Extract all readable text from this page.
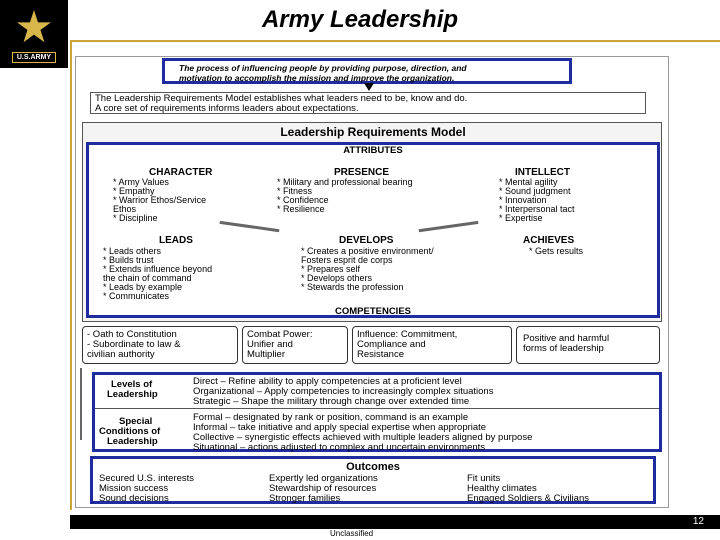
★
U.S.ARMY
Army Leadership
The process of influencing people by providing purpose, direction, and
motivation to accomplish the mission and improve the organization.
The Leadership Requirements Model establishes what leaders need to be, know and do.
A core set of requirements informs leaders about expectations.
Leadership Requirements Model
ATTRIBUTES
CHARACTER
* Army Values
* Empathy
* Warrior Ethos/Service
Ethos
* Discipline
PRESENCE
* Military and professional bearing
* Fitness
* Confidence
* Resilience
INTELLECT
* Mental agility
* Sound judgment
* Innovation
* Interpersonal tact
* Expertise
LEADS
* Leads others
* Builds trust
* Extends influence beyond
the chain of command
* Leads by example
* Communicates
DEVELOPS
* Creates a positive environment/
Fosters esprit de corps
* Prepares self
* Develops others
* Stewards the profession
ACHIEVES
* Gets results
COMPETENCIES
- Oath to Constitution
- Subordinate to law &
civilian authority
Combat Power:
Unifier and
Multiplier
Influence: Commitment,
Compliance and
Resistance
Positive and harmful
forms of leadership
Levels of
Leadership
Direct – Refine ability to apply competencies at a proficient level
Organizational – Apply competencies to increasingly complex situations
Strategic – Shape the military through change over extended time
Special
Conditions of
Leadership
Formal – designated by rank or position, command is an example
Informal – take initiative and apply special expertise when appropriate
Collective – synergistic effects achieved with multiple leaders aligned by purpose
Situational – actions adjusted to complex and uncertain environments
Outcomes
Secured U.S. interests
Mission success
Sound decisions
Expertly led organizations
Stewardship of resources
Stronger families
Fit units
Healthy climates
Engaged Soldiers & Civilians
12
Unclassified
